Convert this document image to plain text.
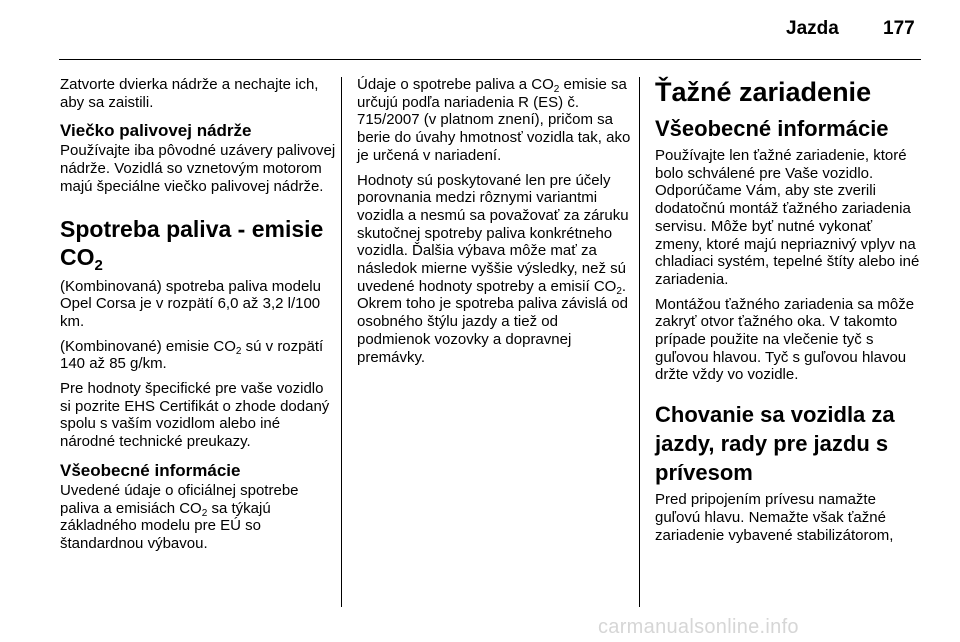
Jazda 177

Zatvorte dvierka nádrže a nechajte ich, aby sa zaistili.

Viečko palivovej nádrže

Používajte iba pôvodné uzávery palivovej nádrže. Vozidlá so vznetovým motorom majú špeciálne viečko palivovej nádrže.

Spotreba paliva - emisie $CO_2$

(Kombinovaná) spotreba paliva modelu Opel Corsa je v rozpätí 6,0 až 3,2 l/100 km.

(Kombinované) emisie $CO_2$ sú v rozpätí 140 až 85 g/km.

Pre hodnoty špecifické pre vaše vozidlo si pozrite EHS Certifikát o zhode dodaný spolu s vaším vozidlom alebo iné národné technické preukazy.

Všeobecné informácie

Uvedené údaje o oficiálnej spotrebe paliva a emisiách $CO_2$ sa týkajú základného modelu pre EÚ so štandardnou výbavou.

Údaje o spotrebe paliva a $CO_2$ emisie sa určujú podľa nariadenia R (ES) č. 715/2007 (v platnom znení), pričom sa berie do úvahy hmotnosť vozidla tak, ako je určená v nariadení.

Hodnoty sú poskytované len pre účely porovnania medzi rôznymi variantmi vozidla a nesmú sa považovať za záruku skutočnej spotreby paliva konkrétneho vozidla. Ďalšia výbava môže mať za následok mierne vyššie výsledky, než sú uvedené hodnoty spotreby a emisií $CO_2$. Okrem toho je spotreba paliva závislá od osobného štýlu jazdy a tiež od podmienok vozovky a dopravnej premávky.

Ťažné zariadenie
Všeobecné informácie

Používajte len ťažné zariadenie, ktoré bolo schválené pre Vaše vozidlo. Odporúčame Vám, aby ste zverili dodatočnú montáž ťažného zariadenia servisu. Môže byť nutné vykonať zmeny, ktoré majú nepriaznivý vplyv na chladiaci systém, tepelné štíty alebo iné zariadenia.

Montážou ťažného zariadenia sa môže zakryť otvor ťažného oka. V takomto prípade použite na vlečenie tyč s guľovou hlavou. Tyč s guľovou hlavou držte vždy vo vozidle.

Chovanie sa vozidla za jazdy, rady pre jazdu s prívesom

Pred pripojením prívesu namažte guľovú hlavu. Nemažte však ťažné zariadenie vybavené stabilizátorom,

carmanualsonline.info
